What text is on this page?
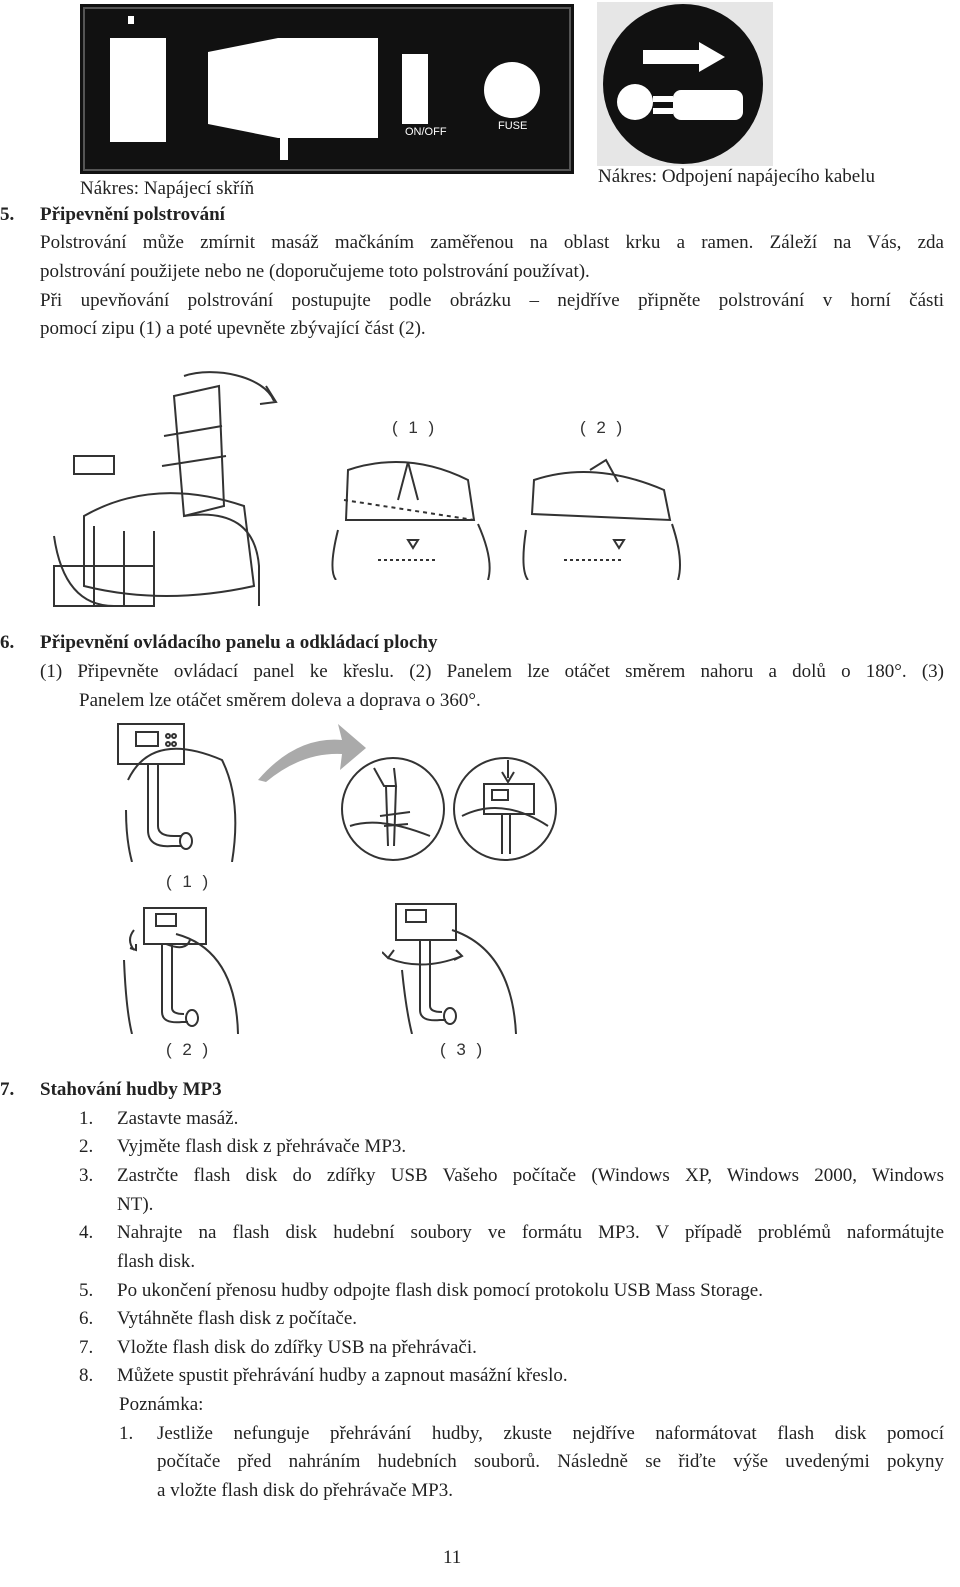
ON/OFF	FUSE
Nákres: Napájecí skříň
Nákres: Odpojení napájecího kabelu
5. Připevnění polstrování
Polstrování může zmírnit masáž mačkáním zaměřenou na oblast krku a ramen. Záleží na Vás, zda
polstrování použijete nebo ne (doporučujeme toto polstrování používat).
Při upevňování polstrování postupujte podle obrázku – nejdříve připněte polstrování v horní části
pomocí zipu (1) a poté upevněte zbývající část (2).
( 1 )	( 2 )
6. Připevnění ovládacího panelu a odkládací plochy
(1) Připevněte ovládací panel ke křeslu. (2) Panelem lze otáčet směrem nahoru a dolů o 180°. (3)
Panelem lze otáčet směrem doleva a doprava o 360°.
( 1 )
( 2 )	( 3 )
7. Stahování hudby MP3
1. Zastavte masáž.
2. Vyjměte flash disk z přehrávače MP3.
3. Zastrčte flash disk do zdířky USB Vašeho počítače (Windows XP, Windows 2000, Windows
NT).
4. Nahrajte na flash disk hudební soubory ve formátu MP3. V případě problémů naformátujte
flash disk.
5. Po ukončení přenosu hudby odpojte flash disk pomocí protokolu USB Mass Storage.
6. Vytáhněte flash disk z počítače.
7. Vložte flash disk do zdířky USB na přehrávači.
8. Můžete spustit přehrávání hudby a zapnout masážní křeslo.
Poznámka:
1. Jestliže nefunguje přehrávání hudby, zkuste nejdříve naformátovat flash disk pomocí
počítače před nahráním hudebních souborů. Následně se řiďte výše uvedenými pokyny
a vložte flash disk do přehrávače MP3.
11
